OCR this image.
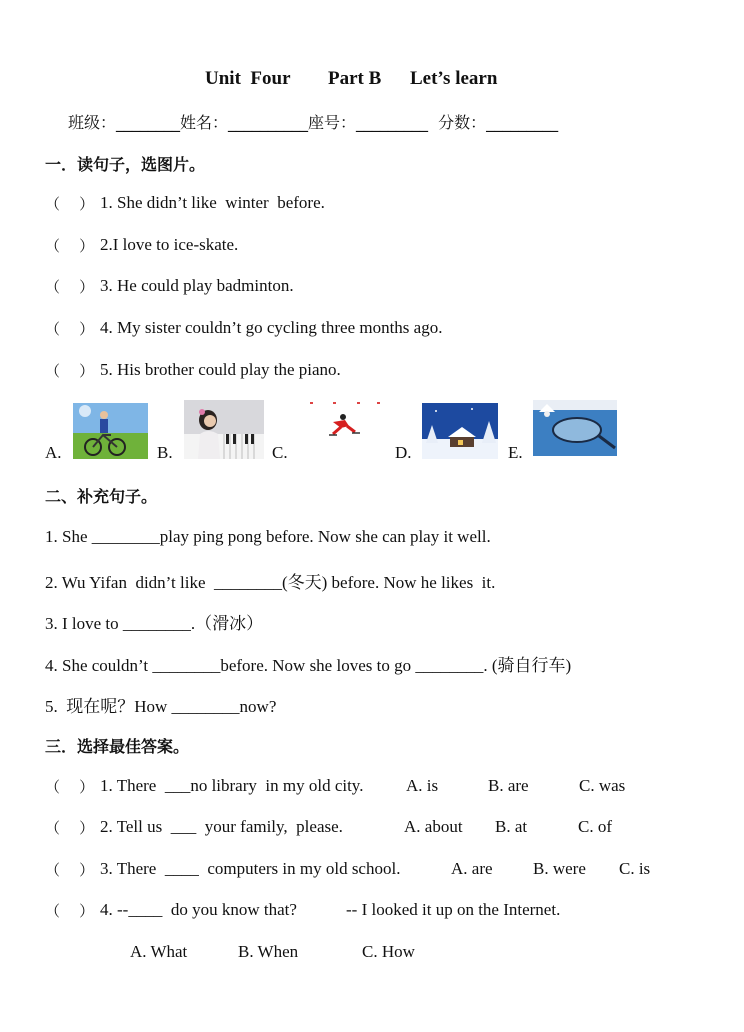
Unit  Four Part B Let’s learn
班级：________姓名：__________座号：_________  分数：_________
一．读句子，选图片。
（    ） 1. She didn’t like  winter  before.
（    ） 2.I love to ice-skate.
（    ） 3. He could play badminton.
（    ） 4. My sister couldn’t go cycling three months ago.
（    ） 5. His brother could play the piano.
A.	B.	C.	D.	E.
二、补充句子。
1. She ________play ping pong before. Now she can play it well.
2. Wu Yifan  didn’t like  ________(冬天) before. Now he likes  it.
3. I love to ________.（滑冰）
4. She couldn’t ________before. Now she loves to go ________. (骑自行车)
5.  现在呢？How ________now?
三．选择最佳答案。
（    ） 1. There  ___no library  in my old city.	A. is	B. are	C. was
（    ） 2. Tell us  ___  your family,  please.	A. about B. at	C. of
（    ） 3. There  ____  computers in my old school.	A. are B. were C. is
（    ） 4. --____  do you know that?	-- I looked it up on the Internet.
A. What	B. When	C. How
